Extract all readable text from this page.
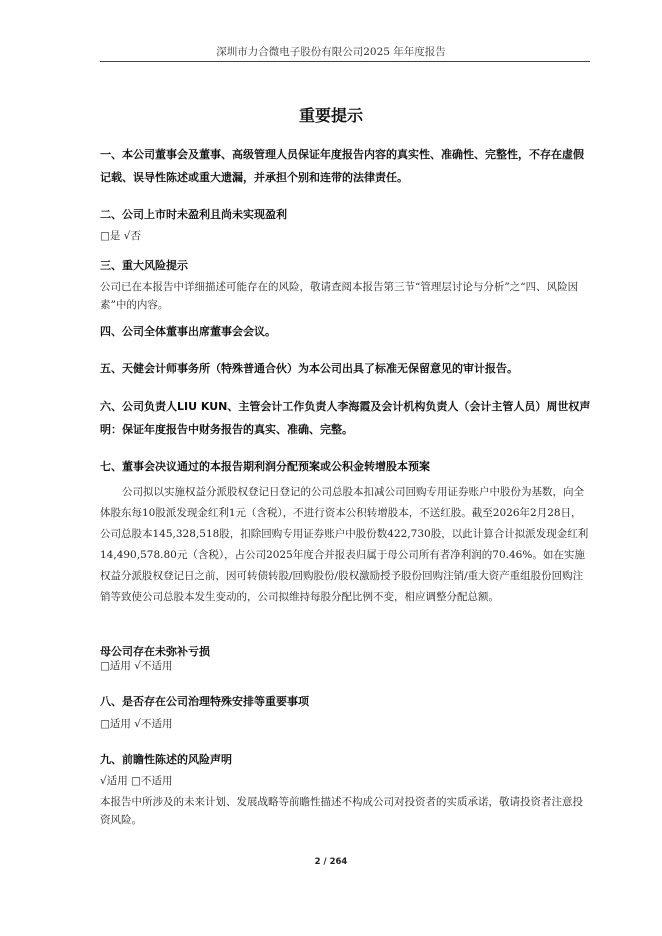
深圳市力合微电子股份有限公司2025 年年度报告
重要提示
一、本公司董事会及董事、高级管理人员保证年度报告内容的真实性、准确性、完整性，不存在虚假记载、误导性陈述或重大遗漏，并承担个别和连带的法律责任。
二、公司上市时未盈利且尚未实现盈利
□是 √否
三、重大风险提示
公司已在本报告中详细描述可能存在的风险，敬请查阅本报告第三节“管理层讨论与分析”之“四、风险因素”中的内容。
四、公司全体董事出席董事会会议。
五、天健会计师事务所（特殊普通合伙）为本公司出具了标准无保留意见的审计报告。
六、公司负责人LIU KUN、主管会计工作负责人李海霞及会计机构负责人（会计主管人员）周世权声明：保证年度报告中财务报告的真实、准确、完整。
七、董事会决议通过的本报告期利润分配预案或公积金转增股本预案
公司拟以实施权益分派股权登记日登记的公司总股本扣减公司回购专用证券账户中股份为基数，向全体股东每10股派发现金红利1元（含税），不进行资本公积转增股本，不送红股。截至2026年2月28日，公司总股本145,328,518股，扣除回购专用证券账户中股份数422,730股，以此计算合计拟派发现金红利14,490,578.80元（含税），占公司2025年度合并报表归属于母公司所有者净利润的70.46%。如在实施权益分派股权登记日之前，因可转债转股/回购股份/股权激励授予股份回购注销/重大资产重组股份回购注销等致使公司总股本发生变动的，公司拟维持每股分配比例不变，相应调整分配总额。
母公司存在未弥补亏损
□适用 √不适用
八、是否存在公司治理特殊安排等重要事项
□适用 √不适用
九、前瞻性陈述的风险声明
√适用 □不适用
本报告中所涉及的未来计划、发展战略等前瞻性描述不构成公司对投资者的实质承诺，敬请投资者注意投资风险。
2 / 264
